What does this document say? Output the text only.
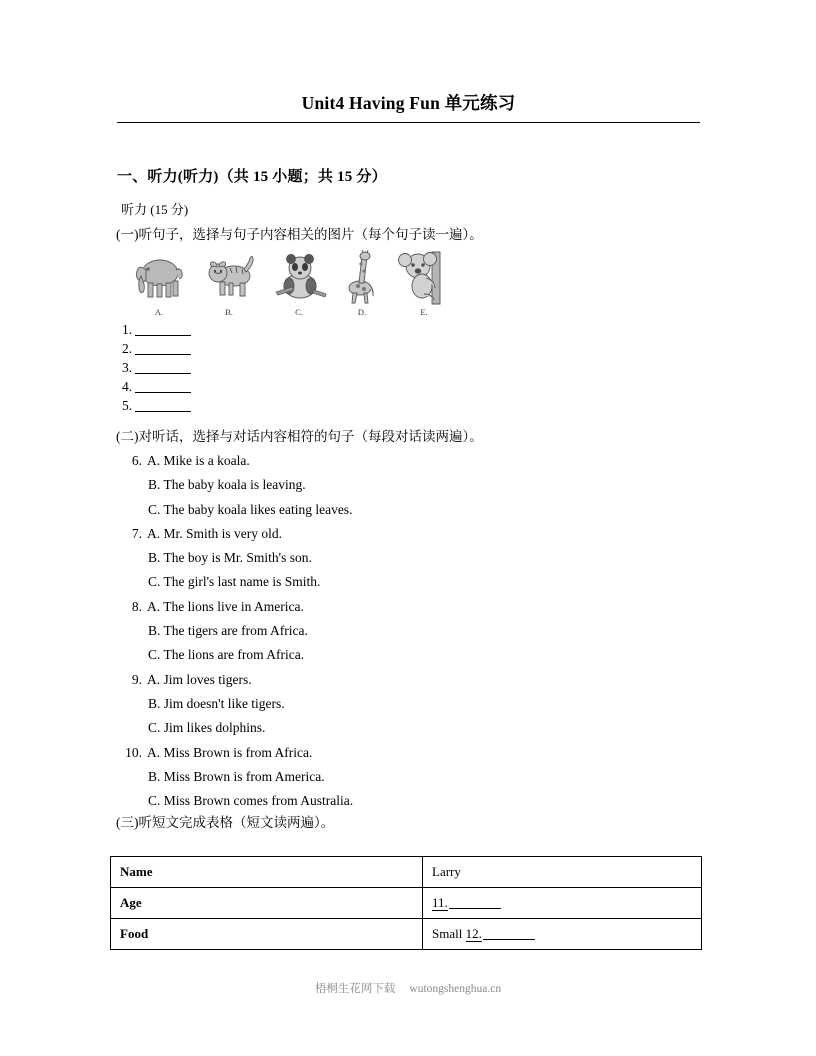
Unit4 Having Fun 单元练习
一、听力(听力)（共 15 小题；共 15 分）
听力 (15 分)
(一)听句子，选择与句子内容相关的图片（每个句子读一遍）。
A.	B.	C.	D.	E.
1.
2.
3.
4.
5.
(二)对听话，选择与对话内容相符的句子（每段对话读两遍）。
6. A. Mike is a koala.
B. The baby koala is leaving.
C. The baby koala likes eating leaves.
7. A. Mr. Smith is very old.
B. The boy is Mr. Smith's son.
C. The girl's last name is Smith.
8. A. The lions live in America.
B. The tigers are from Africa.
C. The lions are from Africa.
9. A. Jim loves tigers.
B. Jim doesn't like tigers.
C. Jim likes dolphins.
10. A. Miss Brown is from Africa.
B. Miss Brown is from America.
C. Miss Brown comes from Australia.
(三)听短文完成表格（短文读两遍）。
Name	Larry
Age	11.
Food	Small 12.
梧桐生花网下载 wutongshenghua.cn
